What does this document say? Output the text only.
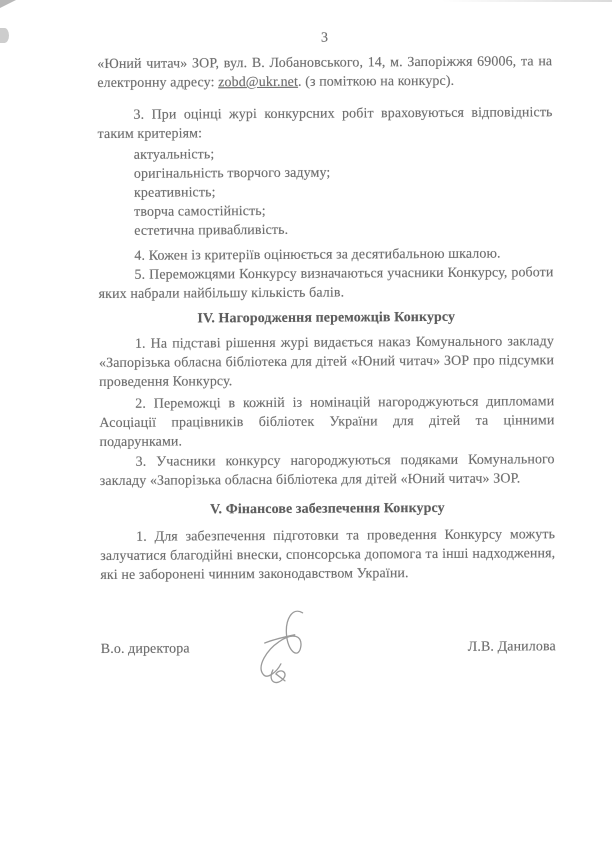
3

«Юний читач» ЗОР, вул. В. Лобановського, 14, м. Запоріжжя 69006, та на електронну адресу: zobd@ukr.net. (з поміткою на конкурс).

3. При оцінці журі конкурсних робіт враховуються відповідність таким критеріям:

актуальність;
оригінальність творчого задуму;
креативність;
творча самостійність;
естетична привабливість.

4. Кожен із критеріїв оцінюється за десятибальною шкалою.

5. Переможцями Конкурсу визначаються учасники Конкурсу, роботи яких набрали найбільшу кількість балів.

IV. Нагородження переможців Конкурсу

1. На підставі рішення журі видається наказ Комунального закладу «Запорізька обласна бібліотека для дітей «Юний читач» ЗОР про підсумки проведення Конкурсу.

2. Переможці в кожній із номінацій нагороджуються дипломами Асоціації працівників бібліотек України для дітей та цінними подарунками.

3. Учасники конкурсу нагороджуються подяками Комунального закладу «Запорізька обласна бібліотека для дітей «Юний читач» ЗОР.

V. Фінансове забезпечення Конкурсу

1. Для забезпечення підготовки та проведення Конкурсу можуть залучатися благодійні внески, спонсорська допомога та інші надходження, які не заборонені чинним законодавством України.

В.о. директора	Л.В. Данилова
